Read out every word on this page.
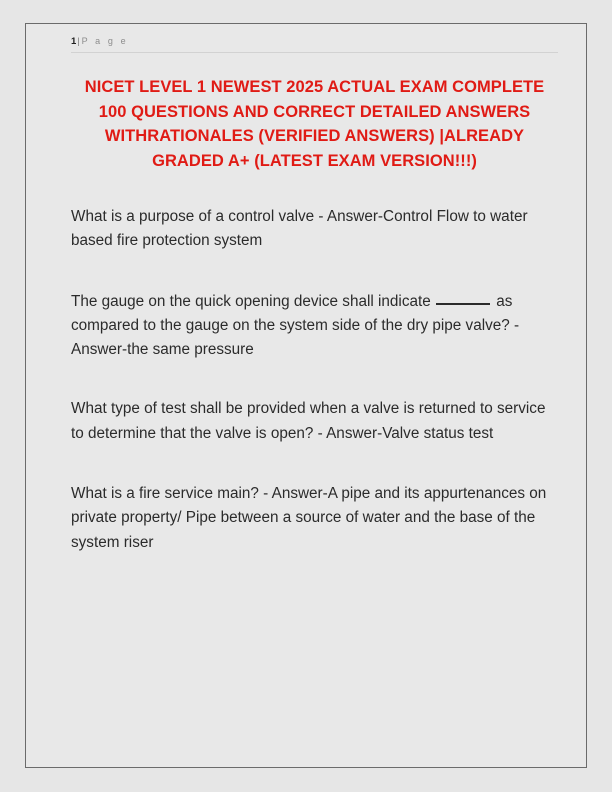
1| P a g e
NICET LEVEL 1 NEWEST 2025 ACTUAL EXAM COMPLETE 100 QUESTIONS AND CORRECT DETAILED ANSWERS WITHRATIONALES (VERIFIED ANSWERS) |ALREADY GRADED A+ (LATEST EXAM VERSION!!!)
What is a purpose of a control valve - Answer-Control Flow to water based fire protection system
The gauge on the quick opening device shall indicate	as compared to the gauge on the system side of the dry pipe valve? - Answer-the same pressure
What type of test shall be provided when a valve is returned to service to determine that the valve is open? - Answer-Valve status test
What is a fire service main? - Answer-A pipe and its appurtenances on private property/ Pipe between a source of water and the base of the system riser
